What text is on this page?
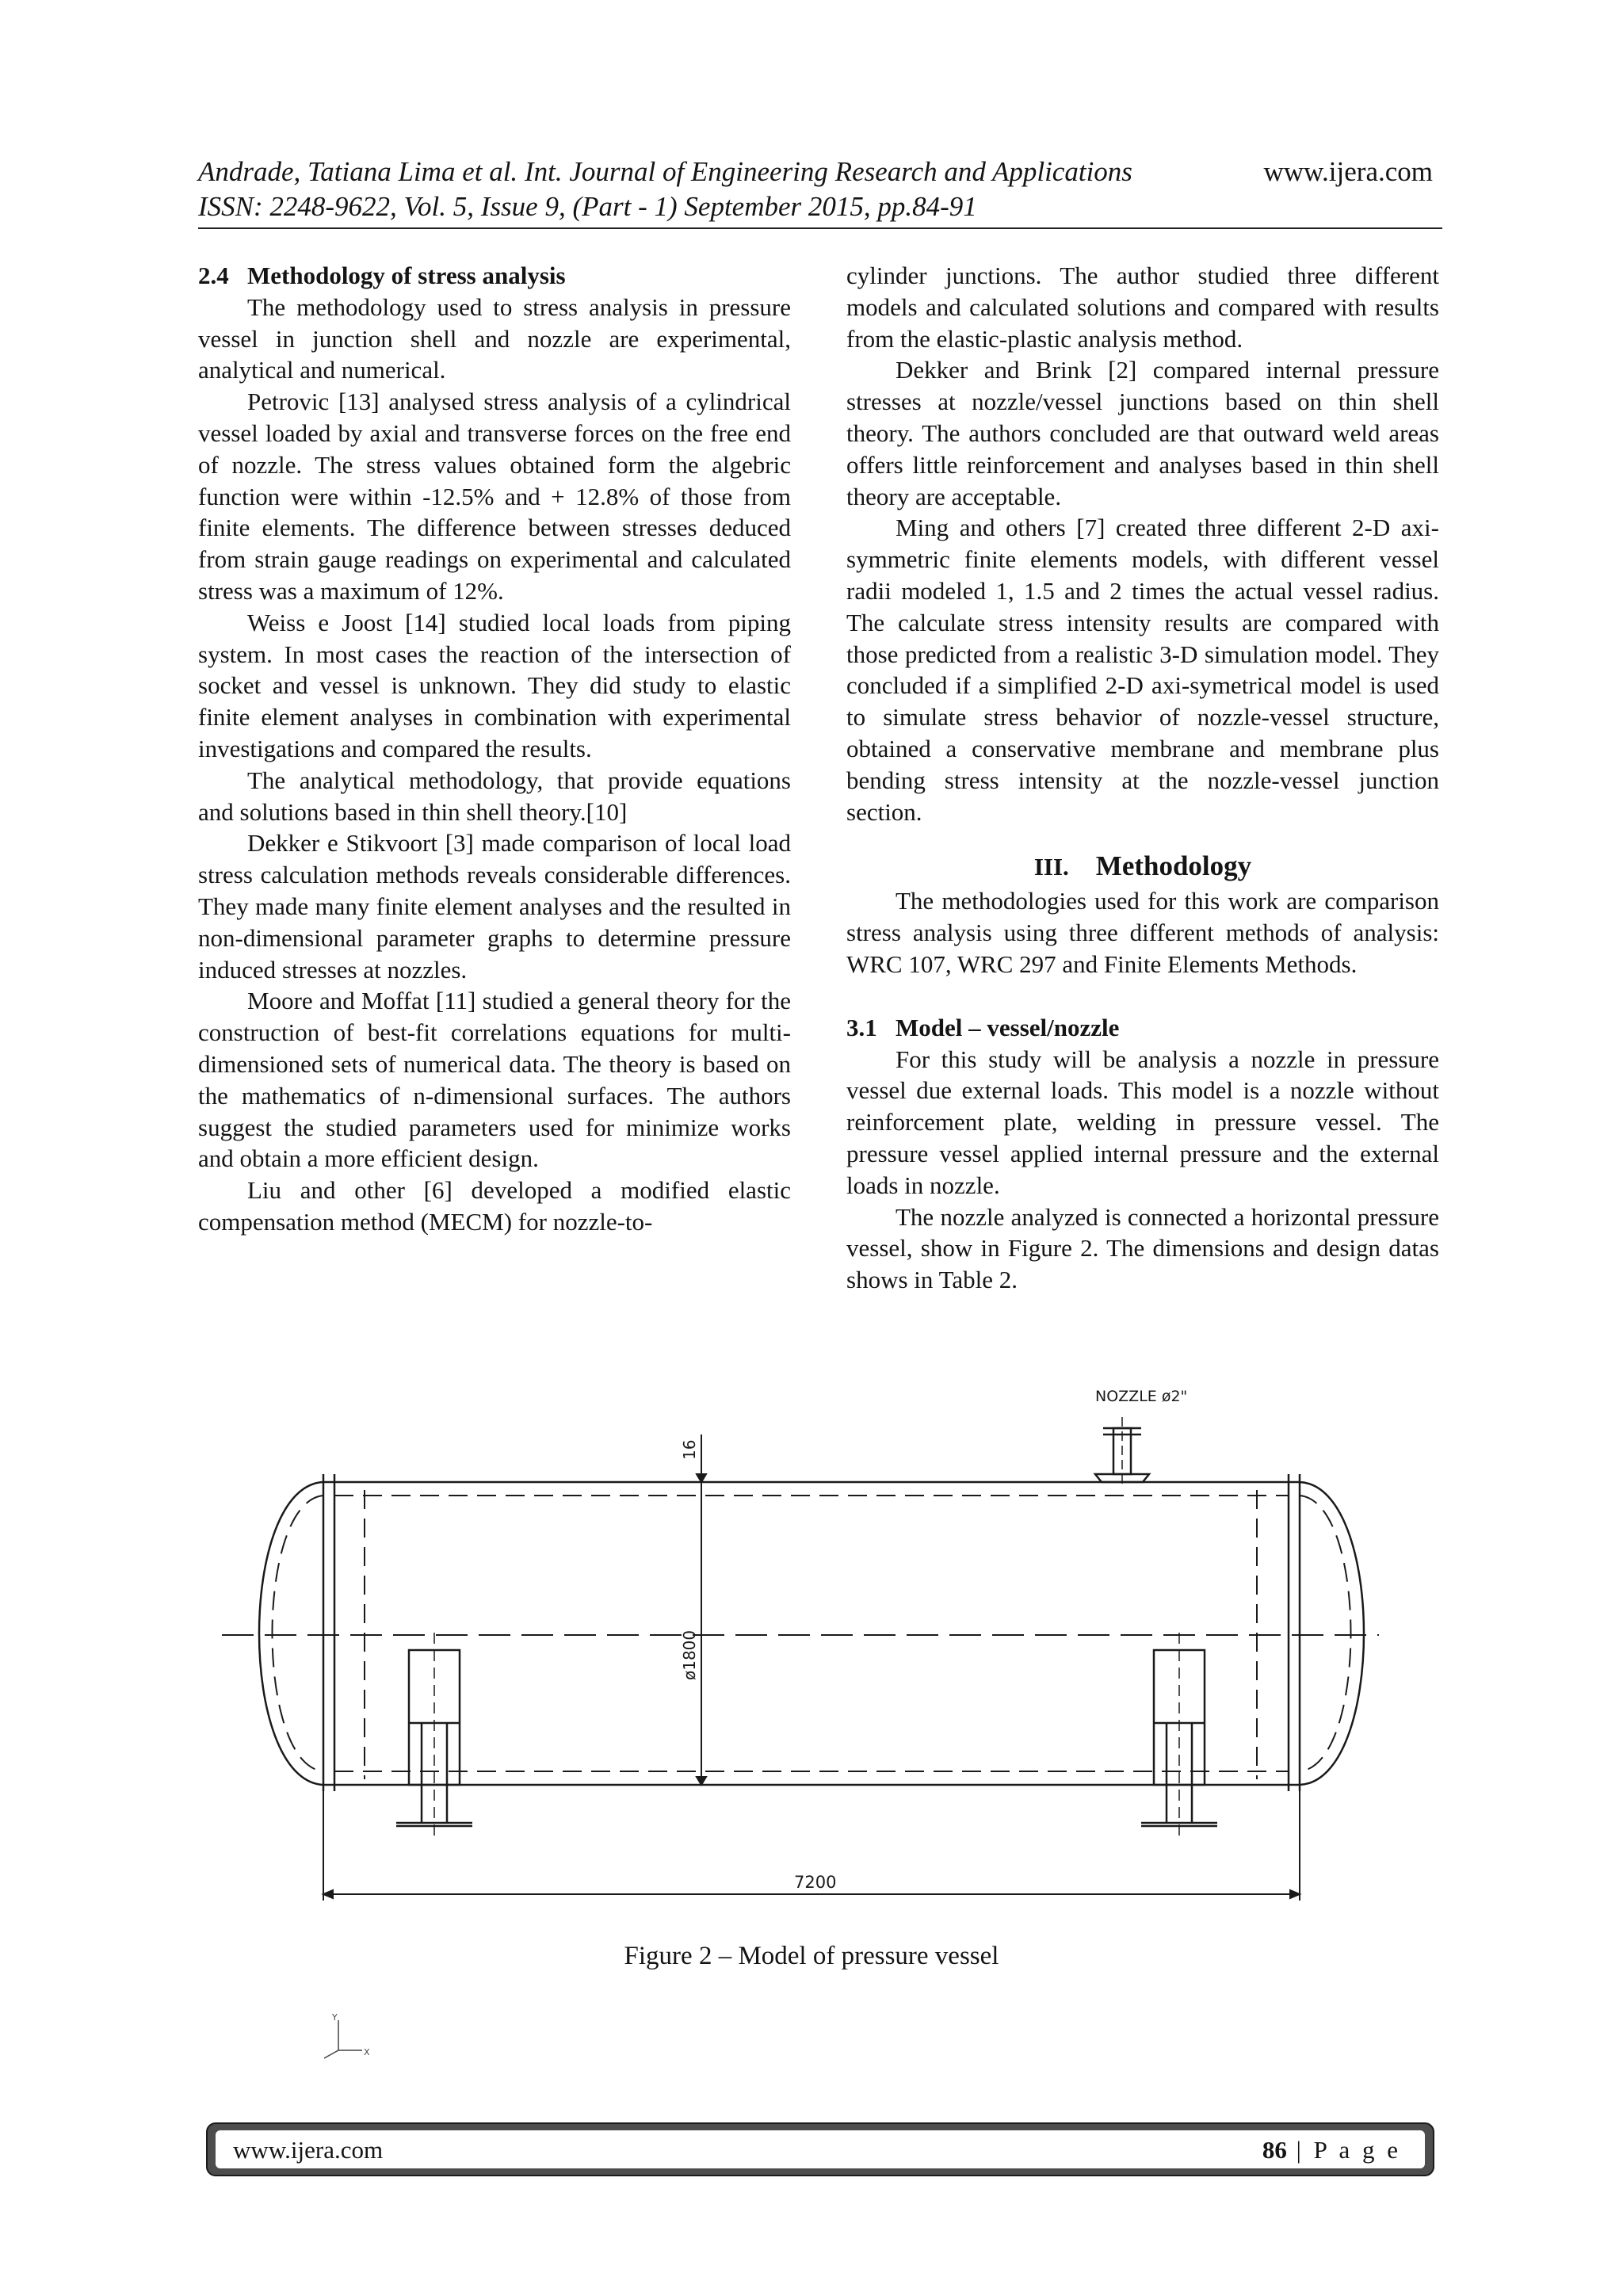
Andrade, Tatiana Lima et al. Int. Journal of Engineering Research and Applications	www.ijera.com
ISSN: 2248-9622, Vol. 5, Issue 9, (Part - 1) September 2015, pp.84-91
2.4 Methodology of stress analysis

The methodology used to stress analysis in pressure vessel in junction shell and nozzle are experimental, analytical and numerical.

Petrovic [13] analysed stress analysis of a cylindrical vessel loaded by axial and transverse forces on the free end of nozzle. The stress values obtained form the algebric function were within -12.5% and + 12.8% of those from finite elements. The difference between stresses deduced from strain gauge readings on experimental and calculated stress was a maximum of 12%.

Weiss e Joost [14] studied local loads from piping system. In most cases the reaction of the intersection of socket and vessel is unknown. They did study to elastic finite element analyses in combination with experimental investigations and compared the results.

The analytical methodology, that provide equations and solutions based in thin shell theory.[10]

Dekker e Stikvoort [3] made comparison of local load stress calculation methods reveals considerable differences. They made many finite element analyses and the resulted in non-dimensional parameter graphs to determine pressure induced stresses at nozzles.

Moore and Moffat [11] studied a general theory for the construction of best-fit correlations equations for multi-dimensioned sets of numerical data. The theory is based on the mathematics of n-dimensional surfaces. The authors suggest the studied parameters used for minimize works and obtain a more efficient design.

Liu and other [6] developed a modified elastic compensation method (MECM) for nozzle-to-

cylinder junctions. The author studied three different models and calculated solutions and compared with results from the elastic-plastic analysis method.

Dekker and Brink [2] compared internal pressure stresses at nozzle/vessel junctions based on thin shell theory. The authors concluded are that outward weld areas offers little reinforcement and analyses based in thin shell theory are acceptable.

Ming and others [7] created three different 2-D axi-symmetric finite elements models, with different vessel radii modeled 1, 1.5 and 2 times the actual vessel radius. The calculate stress intensity results are compared with those predicted from a realistic 3-D simulation model. They concluded if a simplified 2-D axi-symetrical model is used to simulate stress behavior of nozzle-vessel structure, obtained a conservative membrane and membrane plus bending stress intensity at the nozzle-vessel junction section.

III. Methodology

The methodologies used for this work are comparison stress analysis using three different methods of analysis: WRC 107, WRC 297 and Finite Elements Methods.

3.1 Model – vessel/nozzle

For this study will be analysis a nozzle in pressure vessel due external loads. This model is a nozzle without reinforcement plate, welding in pressure vessel. The pressure vessel applied internal pressure and the external loads in nozzle.

The nozzle analyzed is connected a horizontal pressure vessel, show in Figure 2. The dimensions and design datas shows in Table 2.

16
ø1800
NOZZLE ø2"
7200
Figure 2 – Model of pressure vessel
Y
X
www.ijera.com	86 | P a g e
